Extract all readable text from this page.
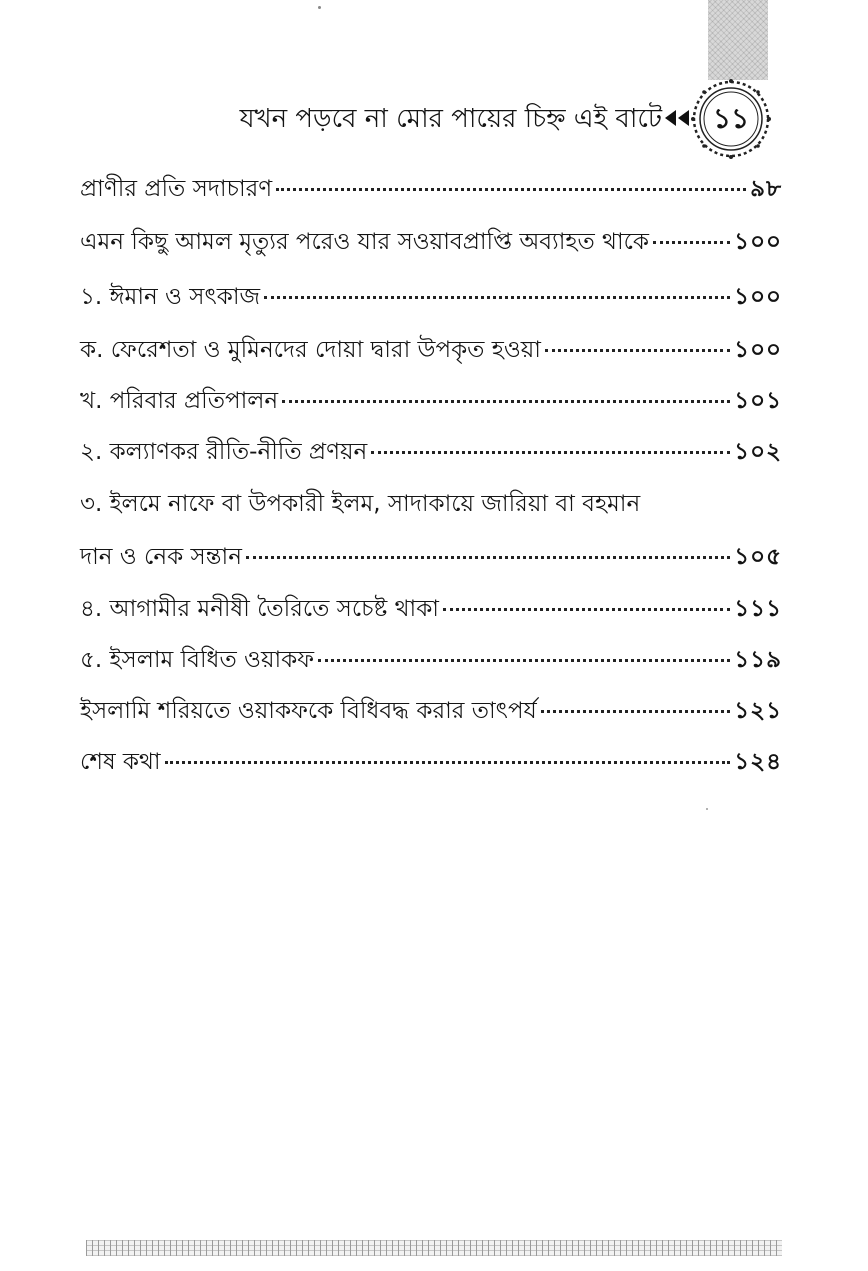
যখন পড়বে না মোর পায়ের চিহ্ন এই বাটে	১১
প্রাণীর প্রতি সদাচারণ	৯৮
এমন কিছু আমল মৃত্যুর পরেও যার সওয়াবপ্রাপ্তি অব্যাহত থাকে	১০০
১. ঈমান ও সৎকাজ	১০০
ক. ফেরেশতা ও মুমিনদের দোয়া দ্বারা উপকৃত হওয়া	১০০
খ. পরিবার প্রতিপালন	১০১
২. কল্যাণকর রীতি-নীতি প্রণয়ন	১০২
৩. ইলমে নাফে বা উপকারী ইলম, সাদাকায়ে জারিয়া বা বহমান
দান ও নেক সন্তান	১০৫
৪. আগামীর মনীষী তৈরিতে সচেষ্ট থাকা	১১১
৫. ইসলাম বিধিত ওয়াকফ	১১৯
ইসলামি শরিয়তে ওয়াকফকে বিধিবদ্ধ করার তাৎপর্য	১২১
শেষ কথা	১২৪
